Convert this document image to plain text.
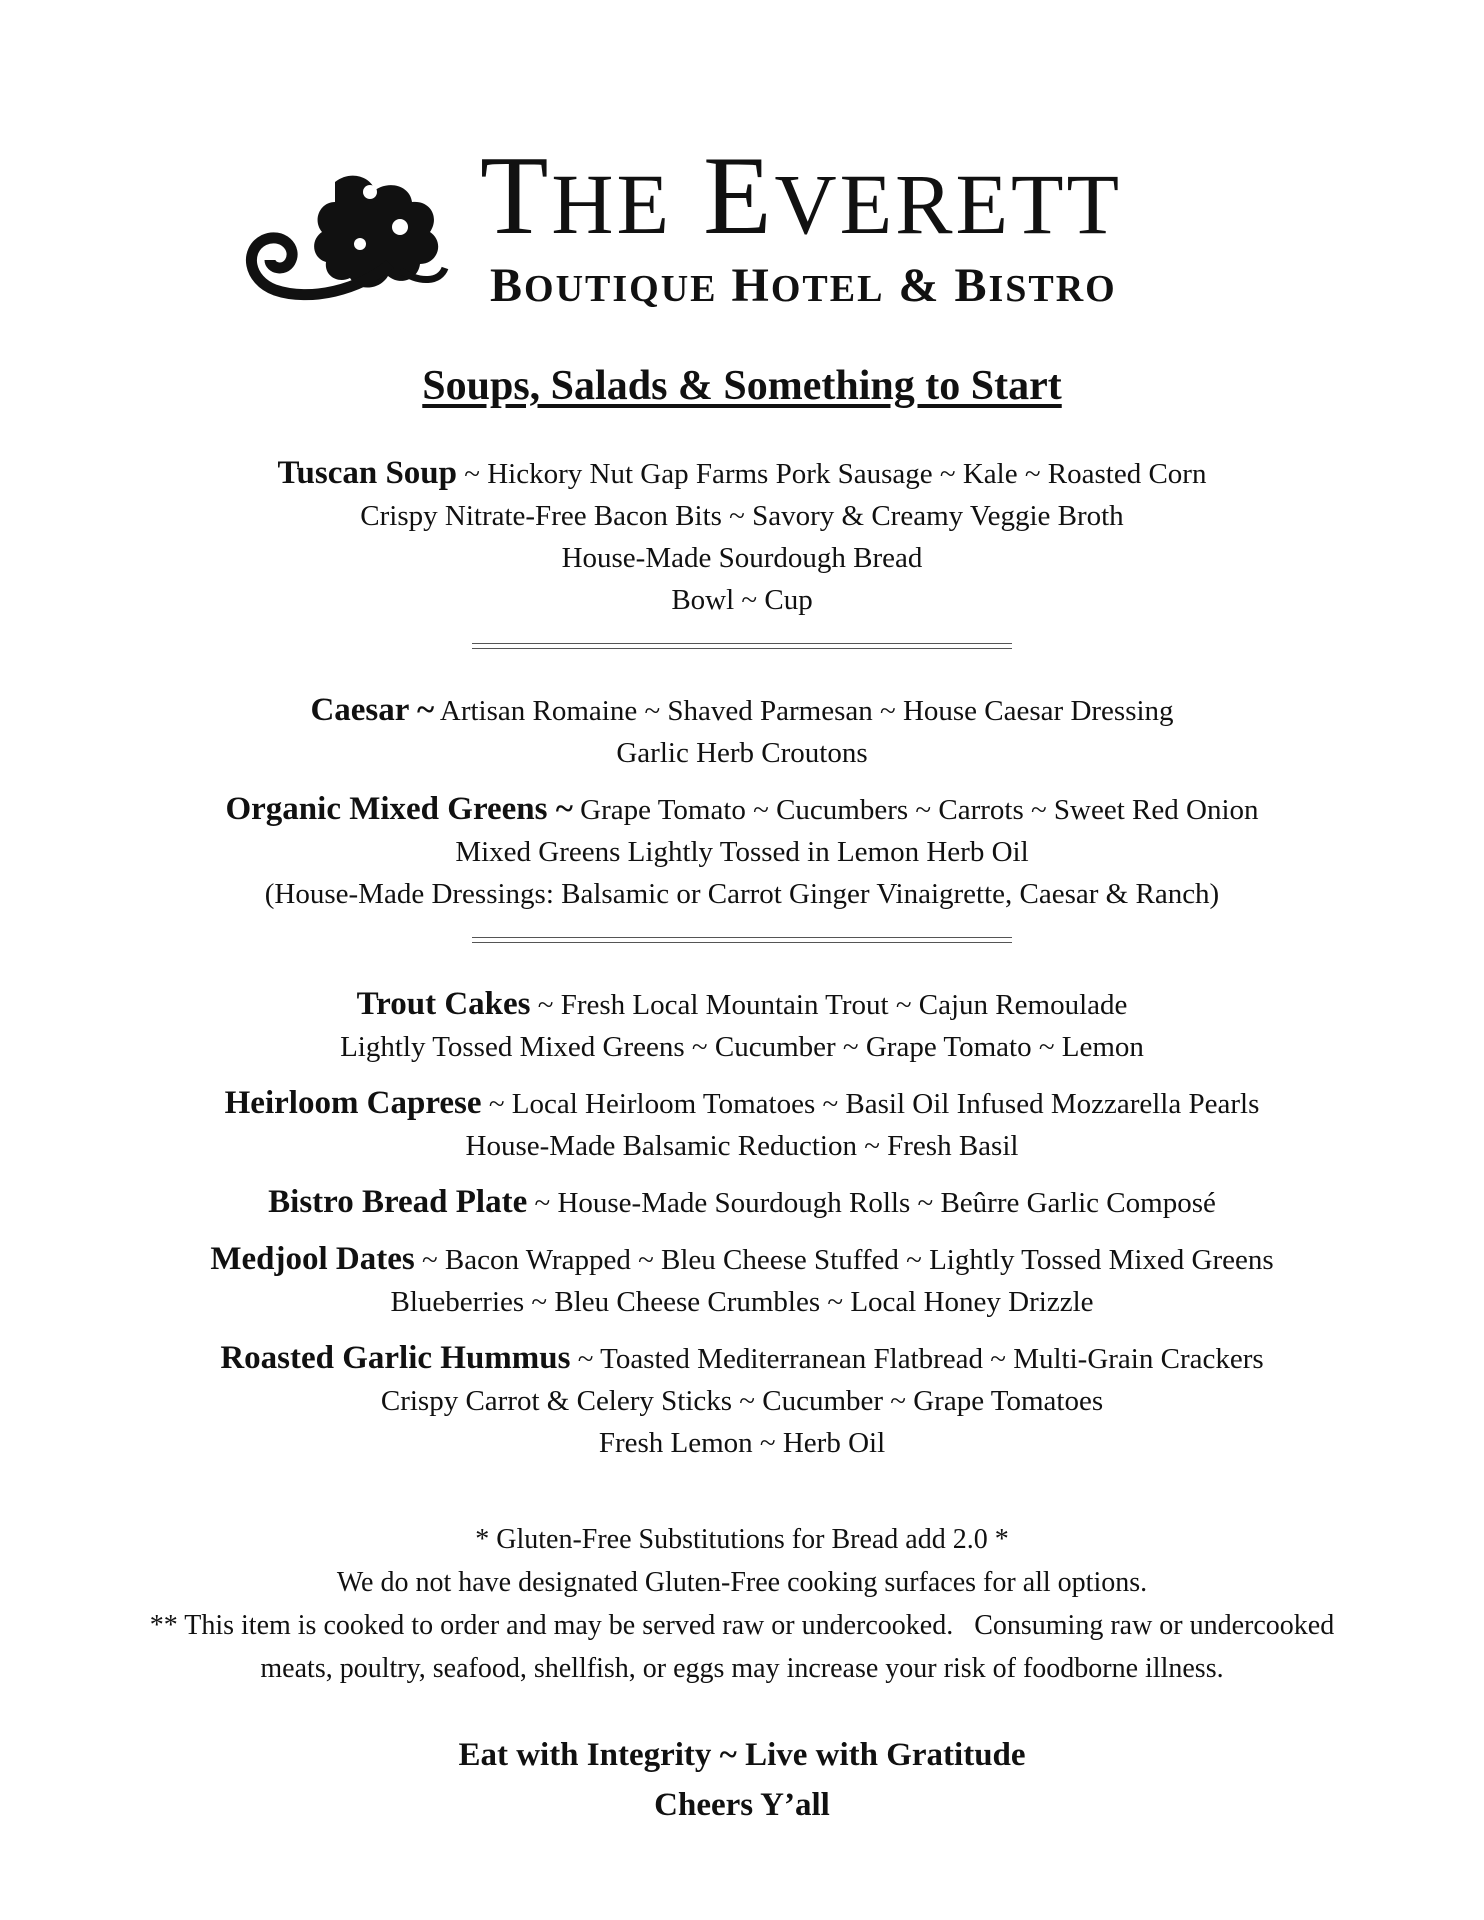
THE EVERETT
BOUTIQUE HOTEL & BISTRO
Soups, Salads & Something to Start
Tuscan Soup ~ Hickory Nut Gap Farms Pork Sausage ~ Kale ~ Roasted Corn
Crispy Nitrate-Free Bacon Bits ~ Savory & Creamy Veggie Broth
House-Made Sourdough Bread
Bowl ~ Cup
Caesar ~ Artisan Romaine ~ Shaved Parmesan ~ House Caesar Dressing
Garlic Herb Croutons
Organic Mixed Greens ~ Grape Tomato ~ Cucumbers ~ Carrots ~ Sweet Red Onion
Mixed Greens Lightly Tossed in Lemon Herb Oil
(House-Made Dressings: Balsamic or Carrot Ginger Vinaigrette, Caesar & Ranch)
Trout Cakes ~ Fresh Local Mountain Trout ~ Cajun Remoulade
Lightly Tossed Mixed Greens ~ Cucumber ~ Grape Tomato ~ Lemon
Heirloom Caprese ~ Local Heirloom Tomatoes ~ Basil Oil Infused Mozzarella Pearls
House-Made Balsamic Reduction ~ Fresh Basil
Bistro Bread Plate ~ House-Made Sourdough Rolls ~ Beûrre Garlic Composé
Medjool Dates ~ Bacon Wrapped ~ Bleu Cheese Stuffed ~ Lightly Tossed Mixed Greens
Blueberries ~ Bleu Cheese Crumbles ~ Local Honey Drizzle
Roasted Garlic Hummus ~ Toasted Mediterranean Flatbread ~ Multi-Grain Crackers
Crispy Carrot & Celery Sticks ~ Cucumber ~ Grape Tomatoes
Fresh Lemon ~ Herb Oil
* Gluten-Free Substitutions for Bread add 2.0 *
We do not have designated Gluten-Free cooking surfaces for all options.
** This item is cooked to order and may be served raw or undercooked.   Consuming raw or undercooked
meats, poultry, seafood, shellfish, or eggs may increase your risk of foodborne illness.
Eat with Integrity ~ Live with Gratitude
Cheers Y’all
